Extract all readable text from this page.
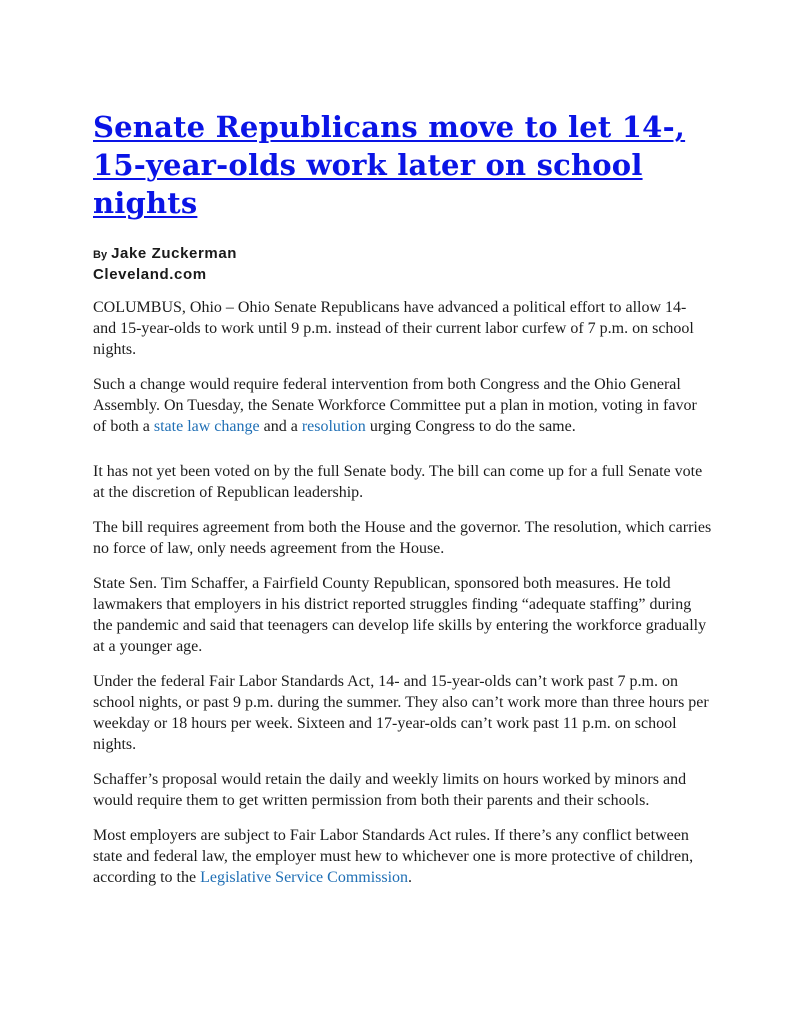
Senate Republicans move to let 14-, 15-year-olds work later on school nights
By Jake Zuckerman
Cleveland.com

COLUMBUS, Ohio – Ohio Senate Republicans have advanced a political effort to allow 14- and 15-year-olds to work until 9 p.m. instead of their current labor curfew of 7 p.m. on school nights.

Such a change would require federal intervention from both Congress and the Ohio General Assembly. On Tuesday, the Senate Workforce Committee put a plan in motion, voting in favor of both a state law change and a resolution urging Congress to do the same.

It has not yet been voted on by the full Senate body. The bill can come up for a full Senate vote at the discretion of Republican leadership.

The bill requires agreement from both the House and the governor. The resolution, which carries no force of law, only needs agreement from the House.

State Sen. Tim Schaffer, a Fairfield County Republican, sponsored both measures. He told lawmakers that employers in his district reported struggles finding “adequate staffing” during the pandemic and said that teenagers can develop life skills by entering the workforce gradually at a younger age.

Under the federal Fair Labor Standards Act, 14- and 15-year-olds can’t work past 7 p.m. on school nights, or past 9 p.m. during the summer. They also can’t work more than three hours per weekday or 18 hours per week. Sixteen and 17-year-olds can’t work past 11 p.m. on school nights.

Schaffer’s proposal would retain the daily and weekly limits on hours worked by minors and would require them to get written permission from both their parents and their schools.

Most employers are subject to Fair Labor Standards Act rules. If there’s any conflict between state and federal law, the employer must hew to whichever one is more protective of children, according to the Legislative Service Commission.
